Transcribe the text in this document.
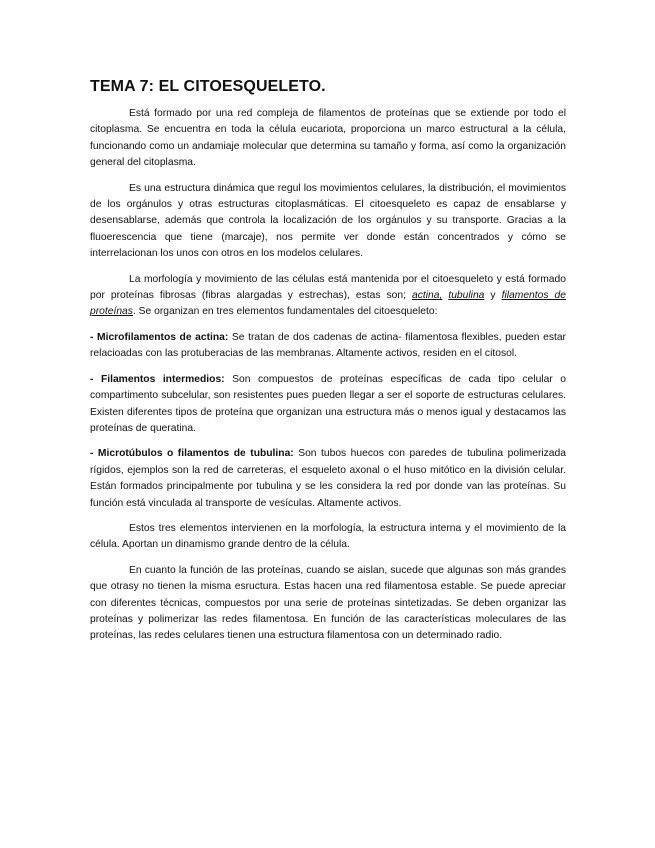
TEMA 7: EL CITOESQUELETO.

Está formado por una red compleja de filamentos de proteínas que se extiende por todo el citoplasma. Se encuentra en toda la célula eucariota, proporciona un marco estructural a la célula, funcionando como un andamiaje molecular que determina su tamaño y forma, así como la organización general del citoplasma.

Es una estructura dinámica que regul los movimientos celulares, la distribución, el movimientos de los orgánulos y otras estructuras citoplasmáticas. El citoesqueleto es capaz de ensablarse y desensablarse, además que controla la localización de los orgánulos y su transporte. Gracias a la fluoerescencia que tiene (marcaje), nos permite ver donde están concentrados y cómo se interrelacionan los unos con otros en los modelos celulares.

La morfología y movimiento de las células está mantenida por el citoesqueleto y está formado por proteínas fibrosas (fibras alargadas y estrechas), estas son; actina, tubulina y filamentos de proteínas. Se organizan en tres elementos fundamentales del citoesqueleto:

- Microfilamentos de actina: Se tratan de dos cadenas de actina- filamentosa flexibles, pueden estar relacioadas con las protuberacias de las membranas. Altamente activos, residen en el citosol.

- Filamentos intermedios: Son compuestos de proteínas específicas de cada tipo celular o compartimento subcelular, son resistentes pues pueden llegar a ser el soporte de estructuras celulares. Existen diferentes tipos de proteína que organizan una estructura más o menos igual y destacamos las proteínas de queratina.

- Microtúbulos o filamentos de tubulina: Son tubos huecos con paredes de tubulina polimerizada rígidos, ejemplos son la red de carreteras, el esqueleto axonal o el huso mitótico en la división celular. Están formados principalmente por tubulina y se les considera la red por donde van las proteínas. Su función está vinculada al transporte de vesículas. Altamente activos.

Estos tres elementos intervienen en la morfología, la estructura interna y el movimiento de la célula. Aportan un dinamismo grande dentro de la célula.

En cuanto la función de las proteínas, cuando se aislan, sucede que algunas son más grandes que otrasy no tienen la misma esructura. Estas hacen una red filamentosa estable. Se puede apreciar con diferentes técnicas, compuestos por una serie de proteínas sintetizadas. Se deben organizar las proteínas y polimerizar las redes filamentosa. En función de las características moleculares de las proteínas, las redes celulares tienen una estructura filamentosa con un determinado radio.
